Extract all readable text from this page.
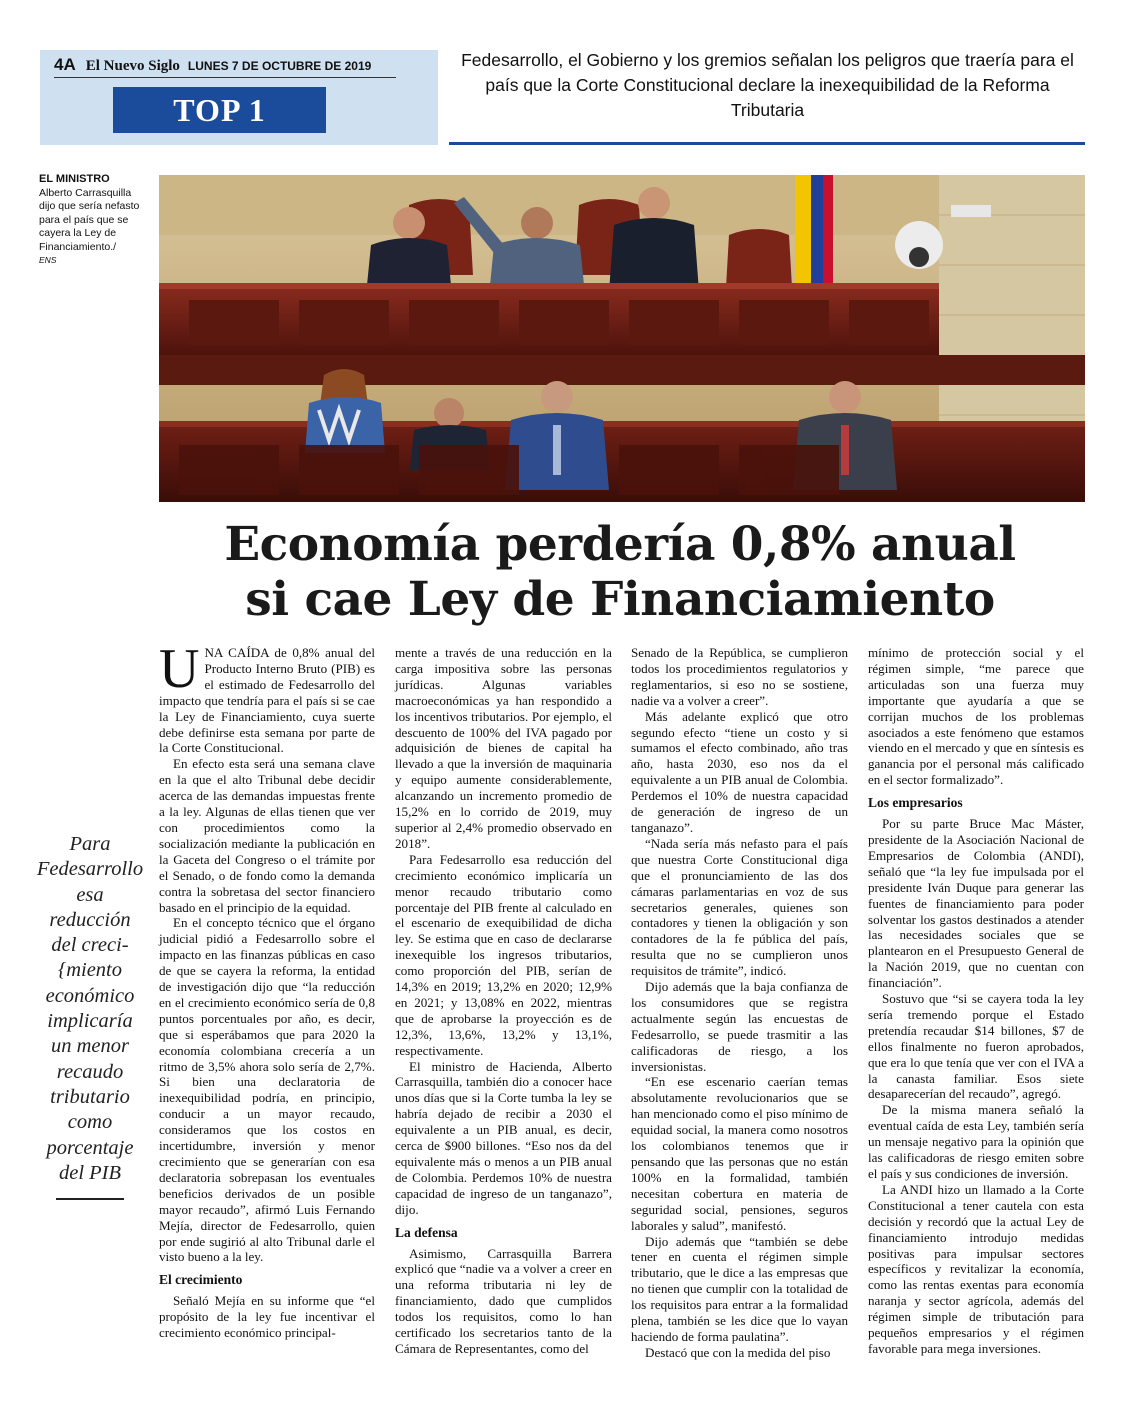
4A El Nuevo Siglo LUNES 7 DE OCTUBRE DE 2019
TOP 1
Fedesarrollo, el Gobierno y los gremios señalan los peligros que traería para el país que la Corte Constitucional declare la inexequibilidad de la Reforma Tributaria
EL MINISTRO
Alberto Carrasquilla dijo que sería nefasto para el país que se cayera la Ley de Financiamiento./
ENS
Economía perdería 0,8% anual
si cae Ley de Financiamiento
Para Fedesarrollo esa reducción del creci{miento económico implicaría un menor recaudo tributario como porcentaje del PIB

UNA CAÍDA de 0,8% anual del Producto Interno Bruto (PIB) es el estimado de Fedesarrollo del impacto que tendría para el país si se cae la Ley de Financiamiento, cuya suerte debe definirse esta semana por parte de la Corte Constitucional.

En efecto esta será una semana clave en la que el alto Tribunal debe decidir acerca de las demandas impuestas frente a la ley. Algunas de ellas tienen que ver con procedimientos como la socialización mediante la publicación en la Gaceta del Congreso o el trámite por el Senado, o de fondo como la demanda contra la sobretasa del sector financiero basado en el principio de la equidad.

En el concepto técnico que el órgano judicial pidió a Fedesarrollo sobre el impacto en las finanzas públicas en caso de que se cayera la reforma, la entidad de investigación dijo que “la reducción en el crecimiento económico sería de 0,8 puntos porcentuales por año, es decir, que si esperábamos que para 2020 la economía colombiana crecería a un ritmo de 3,5% ahora solo sería de 2,7%. Si bien una declaratoria de inexequibilidad podría, en principio, conducir a un mayor recaudo, consideramos que los costos en incertidumbre, inversión y menor crecimiento que se generarían con esa declaratoria sobrepasan los eventuales beneficios derivados de un posible mayor recaudo”, afirmó Luis Fernando Mejía, director de Fedesarrollo, quien por ende sugirió al alto Tribunal darle el visto bueno a la ley.

El crecimiento

Señaló Mejía en su informe que “el propósito de la ley fue incentivar el crecimiento económico principal-

mente a través de una reducción en la carga impositiva sobre las personas jurídicas. Algunas variables macroeconómicas ya han respondido a los incentivos tributarios. Por ejemplo, el descuento de 100% del IVA pagado por adquisición de bienes de capital ha llevado a que la inversión de maquinaria y equipo aumente considerablemente, alcanzando un incremento promedio de 15,2% en lo corrido de 2019, muy superior al 2,4% promedio observado en 2018”.

Para Fedesarrollo esa reducción del crecimiento económico implicaría un menor recaudo tributario como porcentaje del PIB frente al calculado en el escenario de exequibilidad de dicha ley. Se estima que en caso de declararse inexequible los ingresos tributarios, como proporción del PIB, serían de 14,3% en 2019; 13,2% en 2020; 12,9% en 2021; y 13,08% en 2022, mientras que de aprobarse la proyección es de 12,3%, 13,6%, 13,2% y 13,1%, respectivamente.

El ministro de Hacienda, Alberto Carrasquilla, también dio a conocer hace unos días que si la Corte tumba la ley se habría dejado de recibir a 2030 el equivalente a un PIB anual, es decir, cerca de $900 billones. “Eso nos da del equivalente más o menos a un PIB anual de Colombia. Perdemos 10% de nuestra capacidad de ingreso de un tanganazo”, dijo.

La defensa

Asimismo, Carrasquilla Barrera explicó que “nadie va a volver a creer en una reforma tributaria ni ley de financiamiento, dado que cumplidos todos los requisitos, como lo han certificado los secretarios tanto de la Cámara de Representantes, como del

Senado de la República, se cumplieron todos los procedimientos regulatorios y reglamentarios, si eso no se sostiene, nadie va a volver a creer”.

Más adelante explicó que otro segundo efecto “tiene un costo y si sumamos el efecto combinado, año tras año, hasta 2030, eso nos da el equivalente a un PIB anual de Colombia. Perdemos el 10% de nuestra capacidad de generación de ingreso de un tanganazo”.

“Nada sería más nefasto para el país que nuestra Corte Constitucional diga que el pronunciamiento de las dos cámaras parlamentarias en voz de sus secretarios generales, quienes son contadores y tienen la obligación y son contadores de la fe pública del país, resulta que no se cumplieron unos requisitos de trámite”, indicó.

Dijo además que la baja confianza de los consumidores que se registra actualmente según las encuestas de Fedesarrollo, se puede trasmitir a las calificadoras de riesgo, a los inversionistas.

“En ese escenario caerían temas absolutamente revolucionarios que se han mencionado como el piso mínimo de equidad social, la manera como nosotros los colombianos tenemos que ir pensando que las personas que no están 100% en la formalidad, también necesitan cobertura en materia de seguridad social, pensiones, seguros laborales y salud”, manifestó.

Dijo además que “también se debe tener en cuenta el régimen simple tributario, que le dice a las empresas que no tienen que cumplir con la totalidad de los requisitos para entrar a la formalidad plena, también se les dice que lo vayan haciendo de forma paulatina”.

Destacó que con la medida del piso

mínimo de protección social y el régimen simple, “me parece que articuladas son una fuerza muy importante que ayudaría a que se corrijan muchos de los problemas asociados a este fenómeno que estamos viendo en el mercado y que en síntesis es ganancia por el personal más calificado en el sector formalizado”.

Los empresarios

Por su parte Bruce Mac Máster, presidente de la Asociación Nacional de Empresarios de Colombia (ANDI), señaló que “la ley fue impulsada por el presidente Iván Duque para generar las fuentes de financiamiento para poder solventar los gastos destinados a atender las necesidades sociales que se plantearon en el Presupuesto General de la Nación 2019, que no cuentan con financiación”.

Sostuvo que “si se cayera toda la ley sería tremendo porque el Estado pretendía recaudar $14 billones, $7 de ellos finalmente no fueron aprobados, que era lo que tenía que ver con el IVA a la canasta familiar. Esos siete desaparecerían del recaudo”, agregó.

De la misma manera señaló la eventual caída de esta Ley, también sería un mensaje negativo para la opinión que las calificadoras de riesgo emiten sobre el país y sus condiciones de inversión.

La ANDI hizo un llamado a la Corte Constitucional a tener cautela con esta decisión y recordó que la actual Ley de financiamiento introdujo medidas positivas para impulsar sectores específicos y revitalizar la economía, como las rentas exentas para economía naranja y sector agrícola, además del régimen simple de tributación para pequeños empresarios y el régimen favorable para mega inversiones.
